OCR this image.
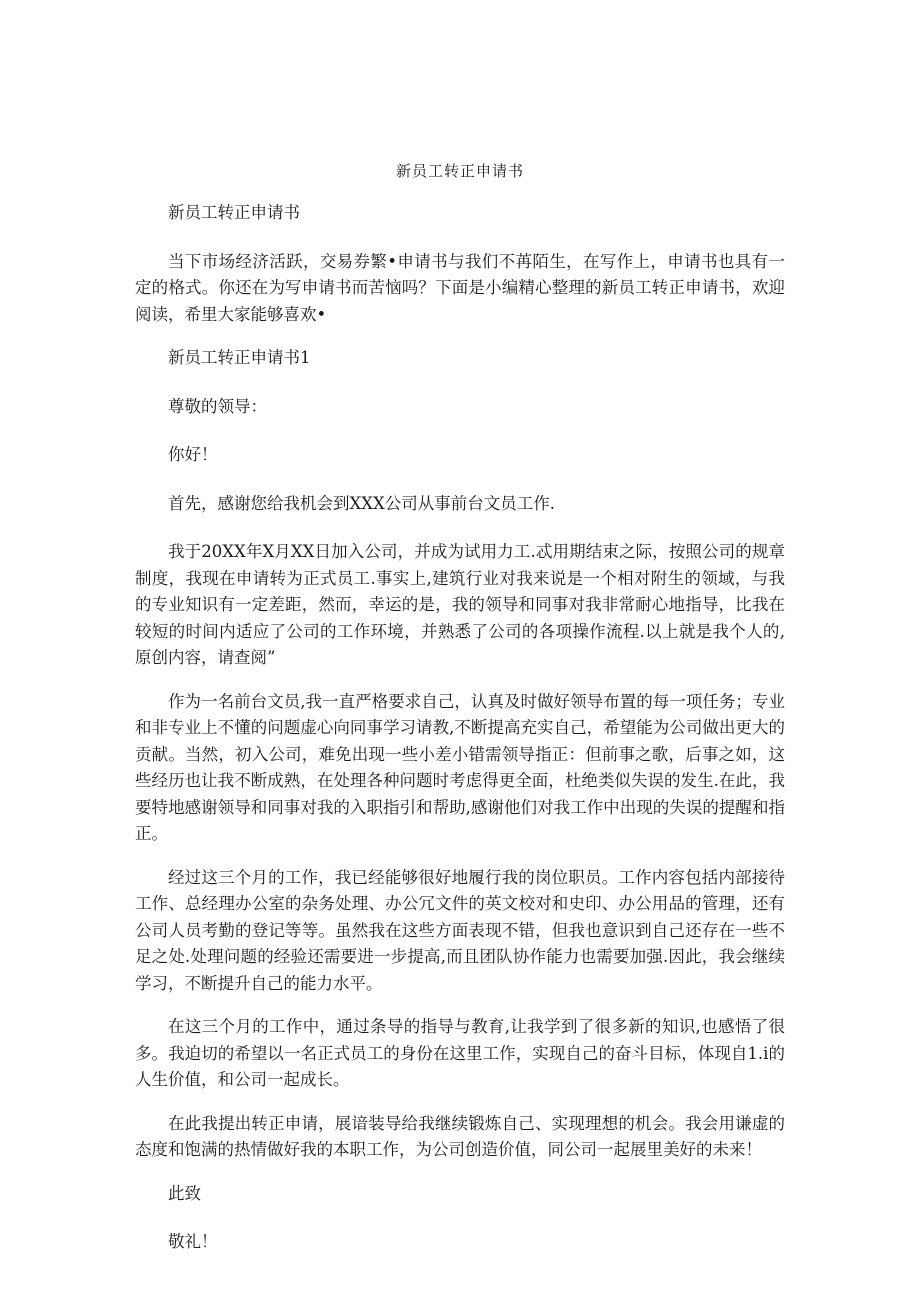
新员工转正申请书

新员工转正申请书

当下市场经济活跃，交易券繁•申请书与我们不苒陌生，在写作上，申请书也具有一定的格式。你还在为写申请书而苦恼吗？下面是小编精心整理的新员工转正申请书，欢迎阅读，希里大家能够喜欢•

新员工转正申请书1

尊敬的领导：

你好！

首先，感谢您给我机会到XXX公司从事前台文员工作.

我于20XX年X月XX日加入公司，并成为试用力工.忒用期结束之际，按照公司的规章制度，我现在申请转为正式员工.事实上,建筑行业对我来说是一个相对附生的领域，与我的专业知识有一定差距，然而，幸运的是，我的领导和同事对我非常耐心地指导，比我在较短的时间内适应了公司的工作环境，并熟悉了公司的各项操作流程.以上就是我个人的,原创内容，请查阅”

作为一名前台文员,我一直严格要求自己，认真及时做好领导布置的每一项任务；专业和非专业上不懂的问题虚心向同事学习请教,不断提高充实自己，希望能为公司做出更大的贡献。当然，初入公司，难免出现一些小差小错需领导指正：但前事之歌，后事之如，这些经历也让我不断成熟，在处理各种问题时考虑得更全面，杜绝类似失误的发生.在此，我要特地感谢领导和同事对我的入职指引和帮助,感谢他们对我工作中出现的失误的提醒和指正。

经过这三个月的工作，我已经能够很好地履行我的岗位职员。工作内容包括内部接待工作、总经理办公室的杂务处理、办公冗文件的英文校对和史印、办公用品的管理，还有公司人员考勤的登记等等。虽然我在这些方面表现不错，但我也意识到自己还存在一些不足之处.处理问题的经验还需要进一步提高,而且团队协作能力也需要加强.因此，我会继续学习，不断提升自己的能力水平。

在这三个月的工作中，通过条导的指导与教育,让我学到了很多新的知识,也感悟了很多。我迫切的希望以一名正式员工的身份在这里工作，实现自己的奋斗目标，体现自1.i的人生价值，和公司一起成长。

在此我提出转正申请，展谙装导给我继续锻炼自己、实现理想的机会。我会用谦虚的态度和饱满的热情做好我的本职工作，为公司创造价值，同公司一起展里美好的未来！

此致

敬礼！
